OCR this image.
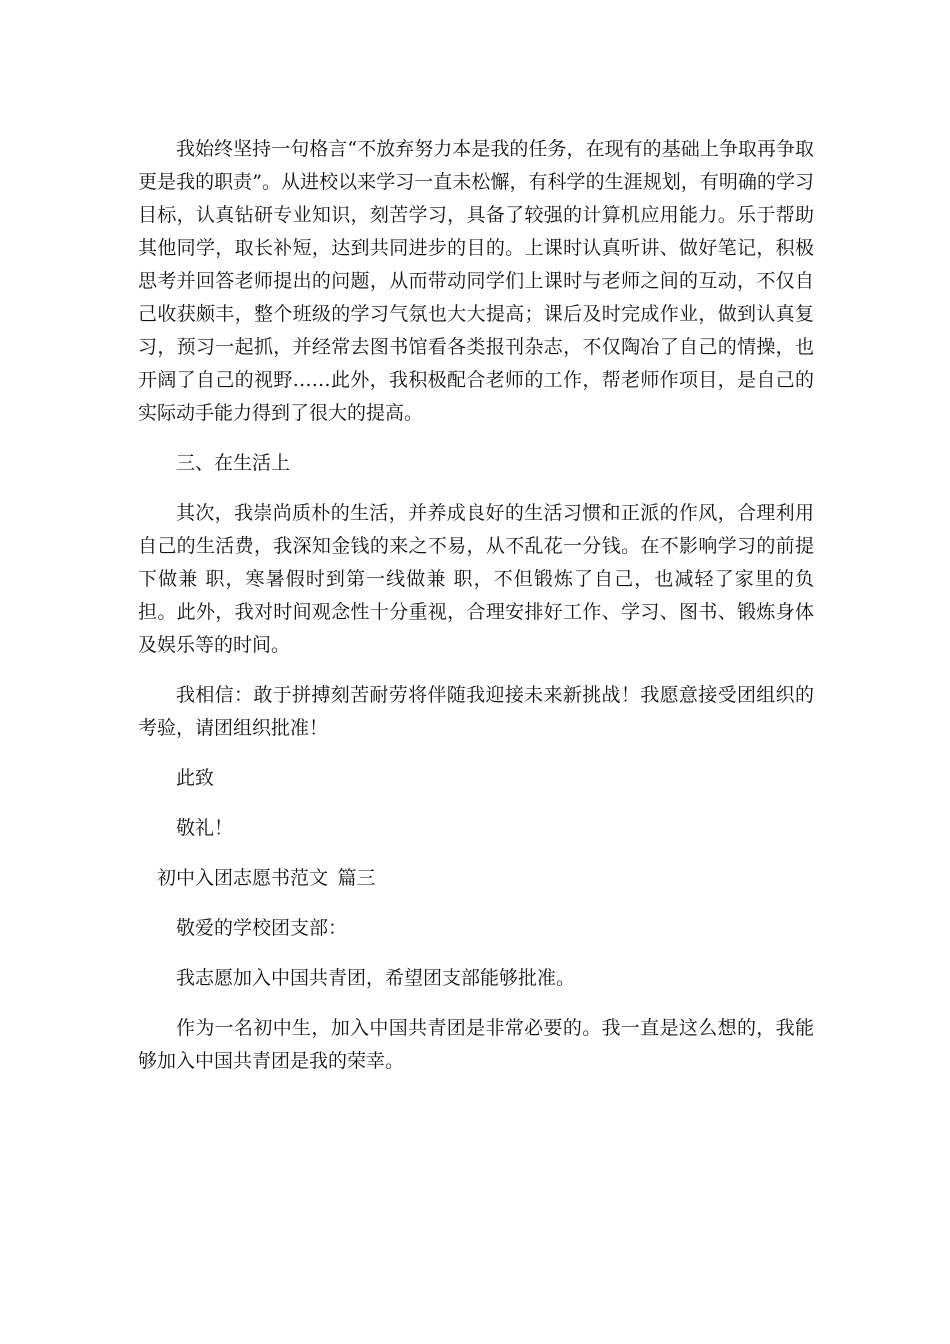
我始终坚持一句格言“不放弃努力本是我的任务，在现有的基础上争取再争取更是我的职责”。从进校以来学习一直未松懈，有科学的生涯规划，有明确的学习目标，认真钻研专业知识，刻苦学习，具备了较强的计算机应用能力。乐于帮助其他同学，取长补短，达到共同进步的目的。上课时认真听讲、做好笔记，积极思考并回答老师提出的问题，从而带动同学们上课时与老师之间的互动，不仅自己收获颇丰，整个班级的学习气氛也大大提高；课后及时完成作业，做到认真复习，预习一起抓，并经常去图书馆看各类报刊杂志，不仅陶冶了自己的情操，也开阔了自己的视野……此外，我积极配合老师的工作，帮老师作项目，是自己的实际动手能力得到了很大的提高。

三、在生活上

其次，我崇尚质朴的生活，并养成良好的生活习惯和正派的作风，合理利用自己的生活费，我深知金钱的来之不易，从不乱花一分钱。在不影响学习的前提下做兼 职，寒暑假时到第一线做兼 职，不但锻炼了自己，也减轻了家里的负担。此外，我对时间观念性十分重视，合理安排好工作、学习、图书、锻炼身体及娱乐等的时间。

我相信：敢于拼搏刻苦耐劳将伴随我迎接未来新挑战！我愿意接受团组织的考验，请团组织批准！

此致

敬礼！

初中入团志愿书范文 篇三

敬爱的学校团支部：

我志愿加入中国共青团，希望团支部能够批准。

作为一名初中生，加入中国共青团是非常必要的。我一直是这么想的，我能够加入中国共青团是我的荣幸。
